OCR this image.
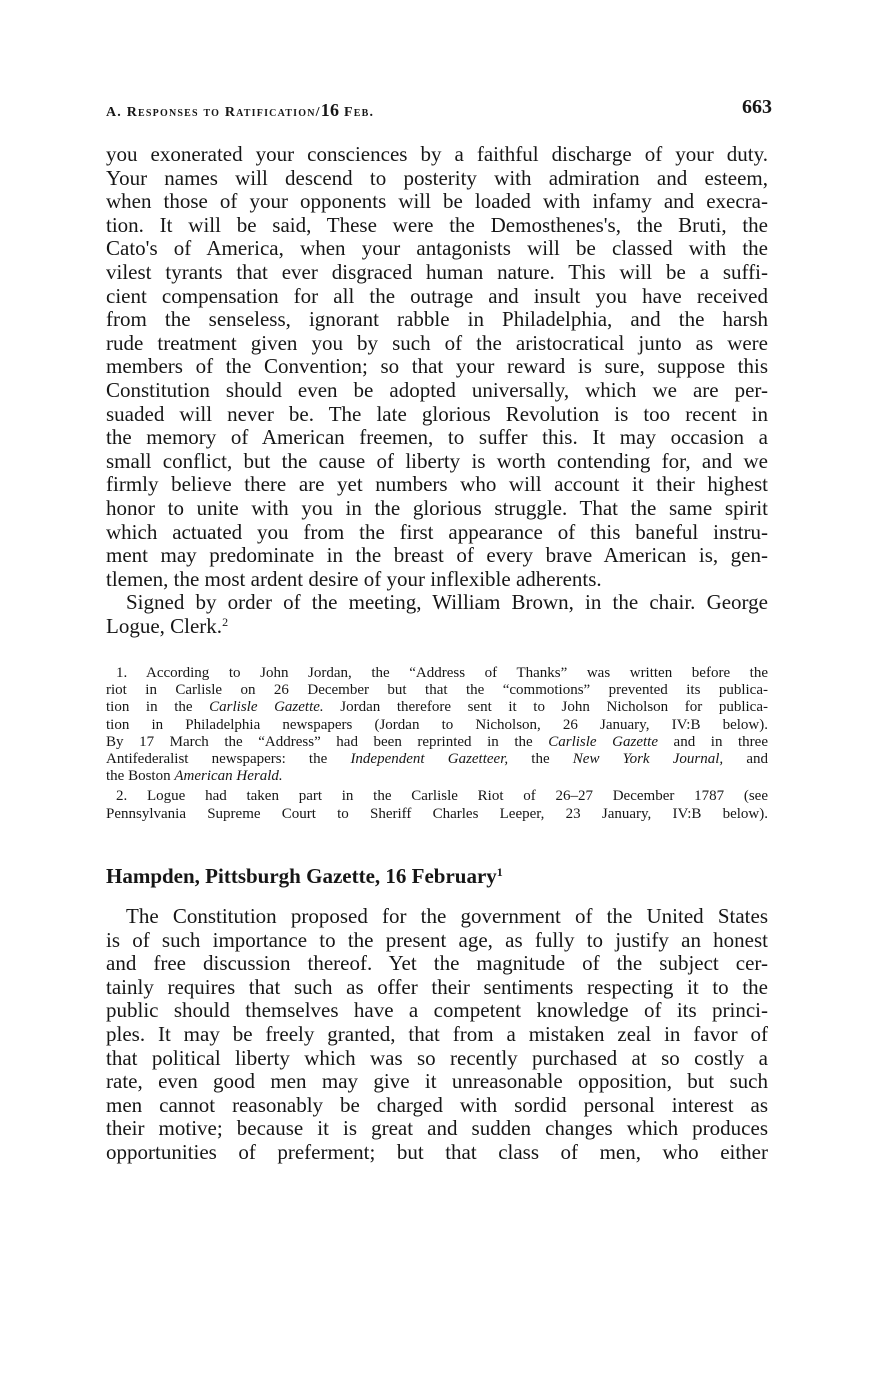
A. Responses to Ratification/16 Feb.	663
you exonerated your consciences by a faithful discharge of your duty.
Your names will descend to posterity with admiration and esteem,
when those of your opponents will be loaded with infamy and execra-
tion. It will be said, These were the Demosthenes's, the Bruti, the
Cato's of America, when your antagonists will be classed with the
vilest tyrants that ever disgraced human nature. This will be a suffi-
cient compensation for all the outrage and insult you have received
from the senseless, ignorant rabble in Philadelphia, and the harsh
rude treatment given you by such of the aristocratical junto as were
members of the Convention; so that your reward is sure, suppose this
Constitution should even be adopted universally, which we are per-
suaded will never be. The late glorious Revolution is too recent in
the memory of American freemen, to suffer this. It may occasion a
small conflict, but the cause of liberty is worth contending for, and we
firmly believe there are yet numbers who will account it their highest
honor to unite with you in the glorious struggle. That the same spirit
which actuated you from the first appearance of this baneful instru-
ment may predominate in the breast of every brave American is, gen-
tlemen, the most ardent desire of your inflexible adherents.
Signed by order of the meeting, William Brown, in the chair. George
Logue, Clerk.$^2$
1. According to John Jordan, the “Address of Thanks” was written before the
riot in Carlisle on 26 December but that the “commotions” prevented its publica-
tion in the Carlisle Gazette. Jordan therefore sent it to John Nicholson for publica-
tion in Philadelphia newspapers (Jordan to Nicholson, 26 January, IV:B below).
By 17 March the “Address” had been reprinted in the Carlisle Gazette and in three
Antifederalist newspapers: the Independent Gazetteer, the New York Journal, and
the Boston American Herald.
2. Logue had taken part in the Carlisle Riot of 26–27 December 1787 (see
Pennsylvania Supreme Court to Sheriff Charles Leeper, 23 January, IV:B below).
Hampden, Pittsburgh Gazette, 16 February$^1$
The Constitution proposed for the government of the United States
is of such importance to the present age, as fully to justify an honest
and free discussion thereof. Yet the magnitude of the subject cer-
tainly requires that such as offer their sentiments respecting it to the
public should themselves have a competent knowledge of its princi-
ples. It may be freely granted, that from a mistaken zeal in favor of
that political liberty which was so recently purchased at so costly a
rate, even good men may give it unreasonable opposition, but such
men cannot reasonably be charged with sordid personal interest as
their motive; because it is great and sudden changes which produces
opportunities of preferment; but that class of men, who either
